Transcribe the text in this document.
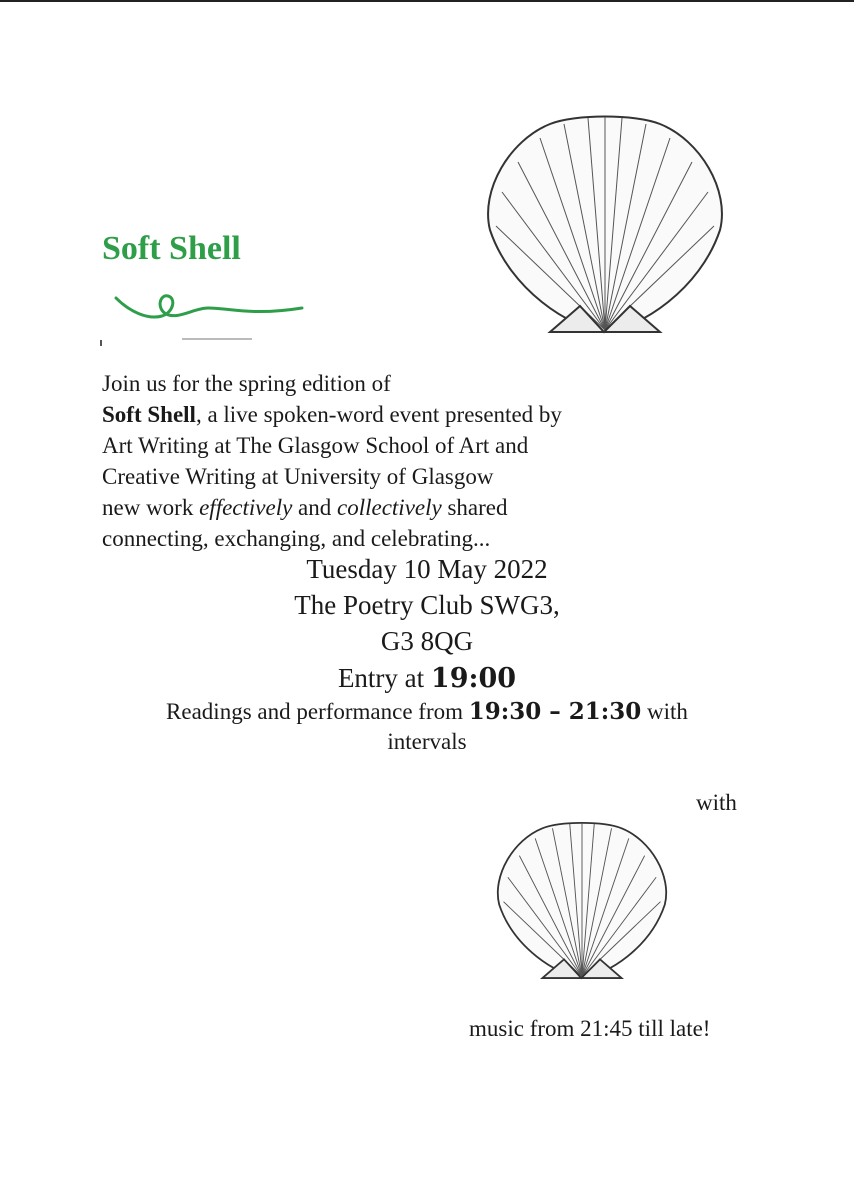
Soft Shell
Join us for the spring edition of
Soft Shell, a live spoken-word event presented by
Art Writing at The Glasgow School of Art and
Creative Writing at University of Glasgow
new work effectively and collectively shared
connecting, exchanging, and celebrating...
Tuesday 10 May 2022
The Poetry Club SWG3,
G3 8QG
Entry at 19:00
Readings and performance from 19:30 – 21:30 with
intervals
with
music from 21:45 till late!
